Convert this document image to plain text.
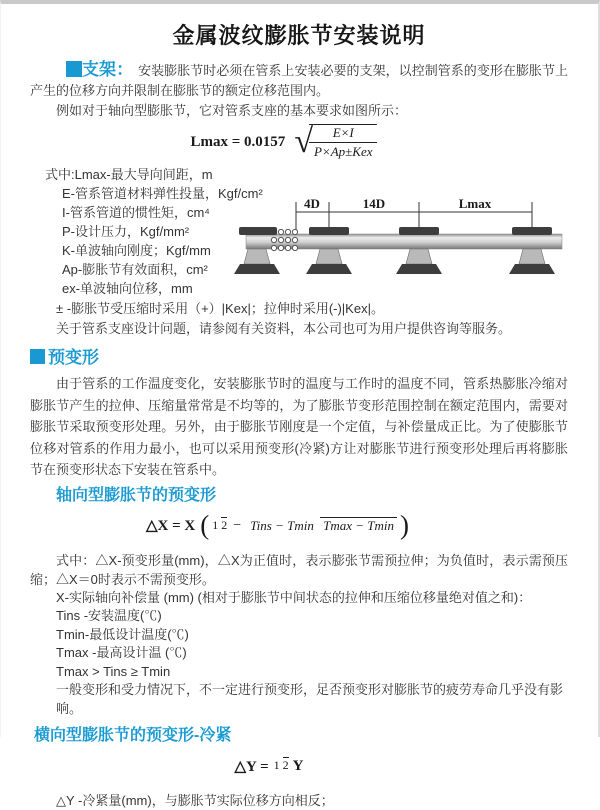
金属波纹膨胀节安装说明

支架： 安装膨胀节时必须在管系上安装必要的支架，以控制管系的变形在膨胀节上产生的位移方向并限制在膨胀节的额定位移范围内。

例如对于轴向型膨胀节，它对管系支座的基本要求如图所示：

Lmax = 0.0157 √
$\frac{E\times I}{\text{P×Ap±Kex}}$
式中:Lmax-最大导向间距，m
E-管系管道材料弹性投量，Kgf/cm²
I-管系管道的惯性矩，cm⁴
P-设计压力，Kgf/mm²
K-单波轴向刚度；Kgf/mm
Ap-膨胀节有效面积，cm²
ex-单波轴向位移，mm

± -膨胀节受压缩时采用（+）|Kex|；拉伸时采用(-)|Kex|。

关于管系支座设计问题，请参阅有关资料，本公司也可为用户提供咨询等服务。

4D	14D	Lmax
预变形

由于管系的工作温度变化，安装膨胀节时的温度与工作时的温度不同，管系热膨胀冷缩对膨胀节产生的拉伸、压缩量常常是不均等的，为了膨胀节变形范围控制在额定范围内，需要对膨胀节采取预变形处理。另外，由于膨胀节刚度是一个定值，与补偿量成正比。为了使膨胀节位移对管系的作用力最小，也可以采用预变形(冷紧)方让对膨胀节进行预变形处理后再将膨胀节在预变形状态下安装在管系中。

轴向型膨胀节的预变形
△X = X ( 1 2 − Tins − Tmin Tmax − Tmin )

式中：△X-预变形量(mm)，△X为正值时，表示膨张节需预拉伸；为负值时，表示需预压缩；△X＝0时表示不需预变形。

X-实际轴向补偿量 (mm) (相对于膨胀节中间状态的拉伸和压缩位移量绝对值之和)：
Tins -安装温度(℃)
Tmin-最低设计温度(℃)
Tmax -最高设计温 (℃)
Tmax > Tins ≥ Tmin
一般变形和受力情况下，不一定进行预变形，足否预变形对膨胀节的疲劳寿命几乎没有影响。
横向型膨胀节的预变形-冷紧
△Y = 1 2 Y

△Y -冷紧量(mm)，与膨胀节实际位移方向相反；
